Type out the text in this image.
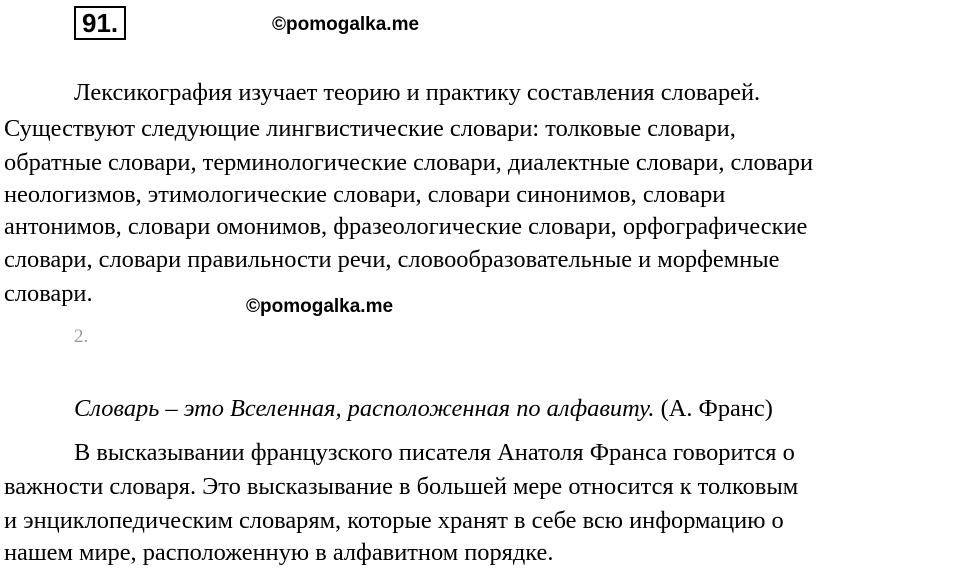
91.	©pomogalka.me
Лексикография изучает теорию и практику составления словарей.
Существуют следующие лингвистические словари: толковые словари,
обратные словари, терминологические словари, диалектные словари, словари
неологизмов, этимологические словари, словари синонимов, словари
антонимов, словари омонимов, фразеологические словари, орфографические
словари, словари правильности речи, словообразовательные и морфемные
словари.	©pomogalka.me
2.
Словарь – это Вселенная, расположенная по алфавиту. (А. Франс)
В высказывании французского писателя Анатоля Франса говорится о
важности словаря. Это высказывание в большей мере относится к толковым
и энциклопедическим словарям, которые хранят в себе всю информацию о
нашем мире, расположенную в алфавитном порядке.
